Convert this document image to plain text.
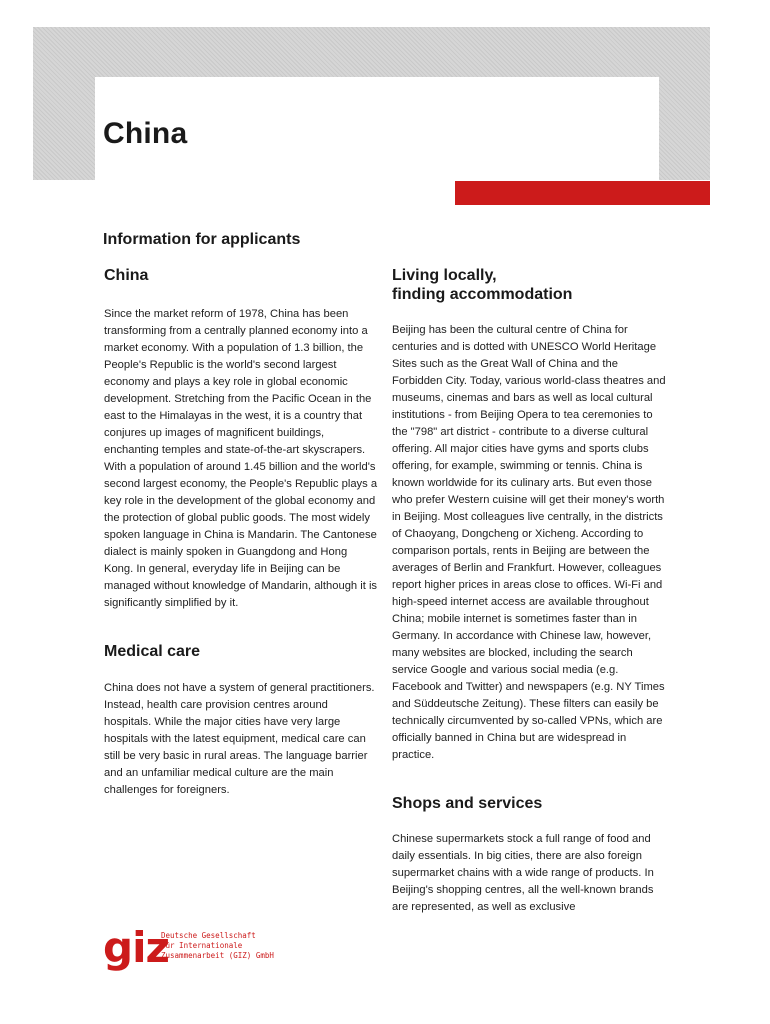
China
Information for applicants
China

Since the market reform of 1978, China has been transforming from a centrally planned economy into a market economy. With a population of 1.3 billion, the People's Republic is the world's second largest economy and plays a key role in global economic development. Stretching from the Pacific Ocean in the east to the Himalayas in the west, it is a country that conjures up images of magnificent buildings, enchanting temples and state-of-the-art skyscrapers. With a population of around 1.45 billion and the world's second largest economy, the People's Republic plays a key role in the development of the global economy and the protection of global public goods. The most widely spoken language in China is Mandarin. The Cantonese dialect is mainly spoken in Guangdong and Hong Kong. In general, everyday life in Beijing can be managed without knowledge of Mandarin, although it is significantly simplified by it.

Medical care

China does not have a system of general practitioners. Instead, health care provision centres around hospitals. While the major cities have very large hospitals with the latest equipment, medical care can still be very basic in rural areas. The language barrier and an unfamiliar medical culture are the main challenges for foreigners.

Living locally,
finding accommodation

Beijing has been the cultural centre of China for centuries and is dotted with UNESCO World Heritage Sites such as the Great Wall of China and the Forbidden City. Today, various world-class theatres and museums, cinemas and bars as well as local cultural institutions - from Beijing Opera to tea ceremonies to the "798" art district - contribute to a diverse cultural offering. All major cities have gyms and sports clubs offering, for example, swimming or tennis. China is known worldwide for its culinary arts. But even those who prefer Western cuisine will get their money's worth in Beijing. Most colleagues live centrally, in the districts of Chaoyang, Dongcheng or Xicheng. According to comparison portals, rents in Beijing are between the averages of Berlin and Frankfurt. However, colleagues report higher prices in areas close to offices. Wi-Fi and high-speed internet access are available throughout China; mobile internet is sometimes faster than in Germany. In accordance with Chinese law, however, many websites are blocked, including the search service Google and various social media (e.g. Facebook and Twitter) and newspapers (e.g. NY Times and Süddeutsche Zeitung). These filters can easily be technically circumvented by so-called VPNs, which are officially banned in China but are widespread in practice.

Shops and services

Chinese supermarkets stock a full range of food and daily essentials. In big cities, there are also foreign supermarket chains with a wide range of products. In Beijing's shopping centres, all the well-known brands are represented, as well as exclusive

giz
Deutsche Gesellschaft
für Internationale
Zusammenarbeit (GIZ) GmbH
